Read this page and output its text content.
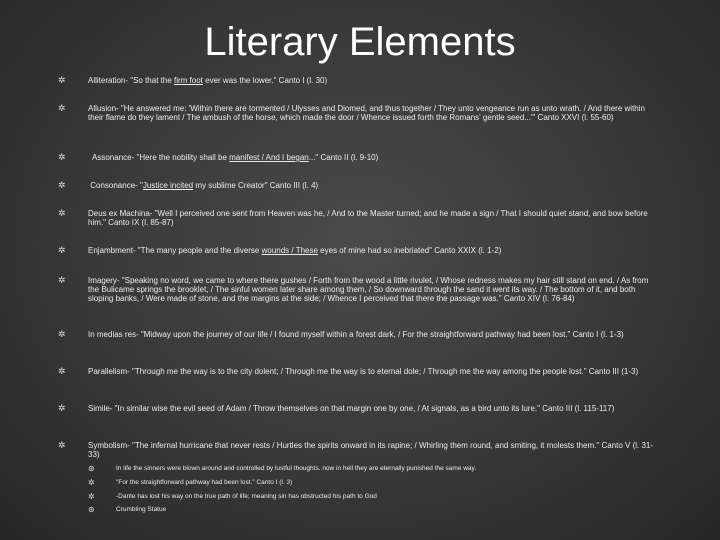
Literary Elements
✲	Alliteration- "So that the firm foot ever was the lower." Canto I (l. 30)
✲	Allusion- "He answered me: 'Within there are tormented / Ulysses and Diomed, and thus together / They unto vengeance run as unto wrath. / And there within their flame do they lament / The ambush of the horse, which made the door / Whence issued forth the Romans' gentle seed...'" Canto XXVI (l. 55-60)
✲	Assonance- "Here the nobility shall be manifest / And I began..." Canto II (l. 9-10)
✲	Consonance- "Justice incited my sublime Creator" Canto III (l. 4)
✲	Deus ex Machina- "Well I perceived one sent from Heaven was he, / And to the Master turned; and he made a sign / That I should quiet stand, and bow before him." Canto IX (l. 85-87)
✲	Enjambment- "The many people and the diverse wounds / These eyes of mine had so inebriated" Canto XXIX (l. 1-2)
✲	Imagery- "Speaking no word, we came to where there gushes / Forth from the wood a little rivulet, / Whose redness makes my hair still stand on end. / As from the Bulicame springs the brooklet, / The sinful women later share among them, / So downward through the sand it went its way. / The bottom of it, and both sloping banks, / Were made of stone, and the margins at the side; / Whence I perceived that there the passage was." Canto XIV (l. 76-84)
✲	In medias res- "Midway upon the journey of our life / I found myself within a forest dark, / For the straightforward pathway had been lost." Canto I (l. 1-3)
✲	Parallelism- "Through me the way is to the city dolent; / Through me the way is to eternal dole; / Through me the way among the people lost." Canto III (1-3)
✲	Simile- "In similar wise the evil seed of Adam / Throw themselves on that margin one by one, / At signals, as a bird unto its lure." Canto III (l. 115-117)
✲	Symbolism- "The infernal hurricane that never rests / Hurtles the spirits onward in its rapine; / Whirling them round, and smiting, it molests them." Canto V (l. 31-33)
⊛	In life the sinners were blown around and controlled by lustful thoughts. now in hell they are eternally punished the same way.
✲	"For the straightforward pathway had been lost." Canto I (l. 3)
✲	-Dante has lost his way on the true path of life; meaning sin has obstructed his path to God
⊛	Crumbling Statue
